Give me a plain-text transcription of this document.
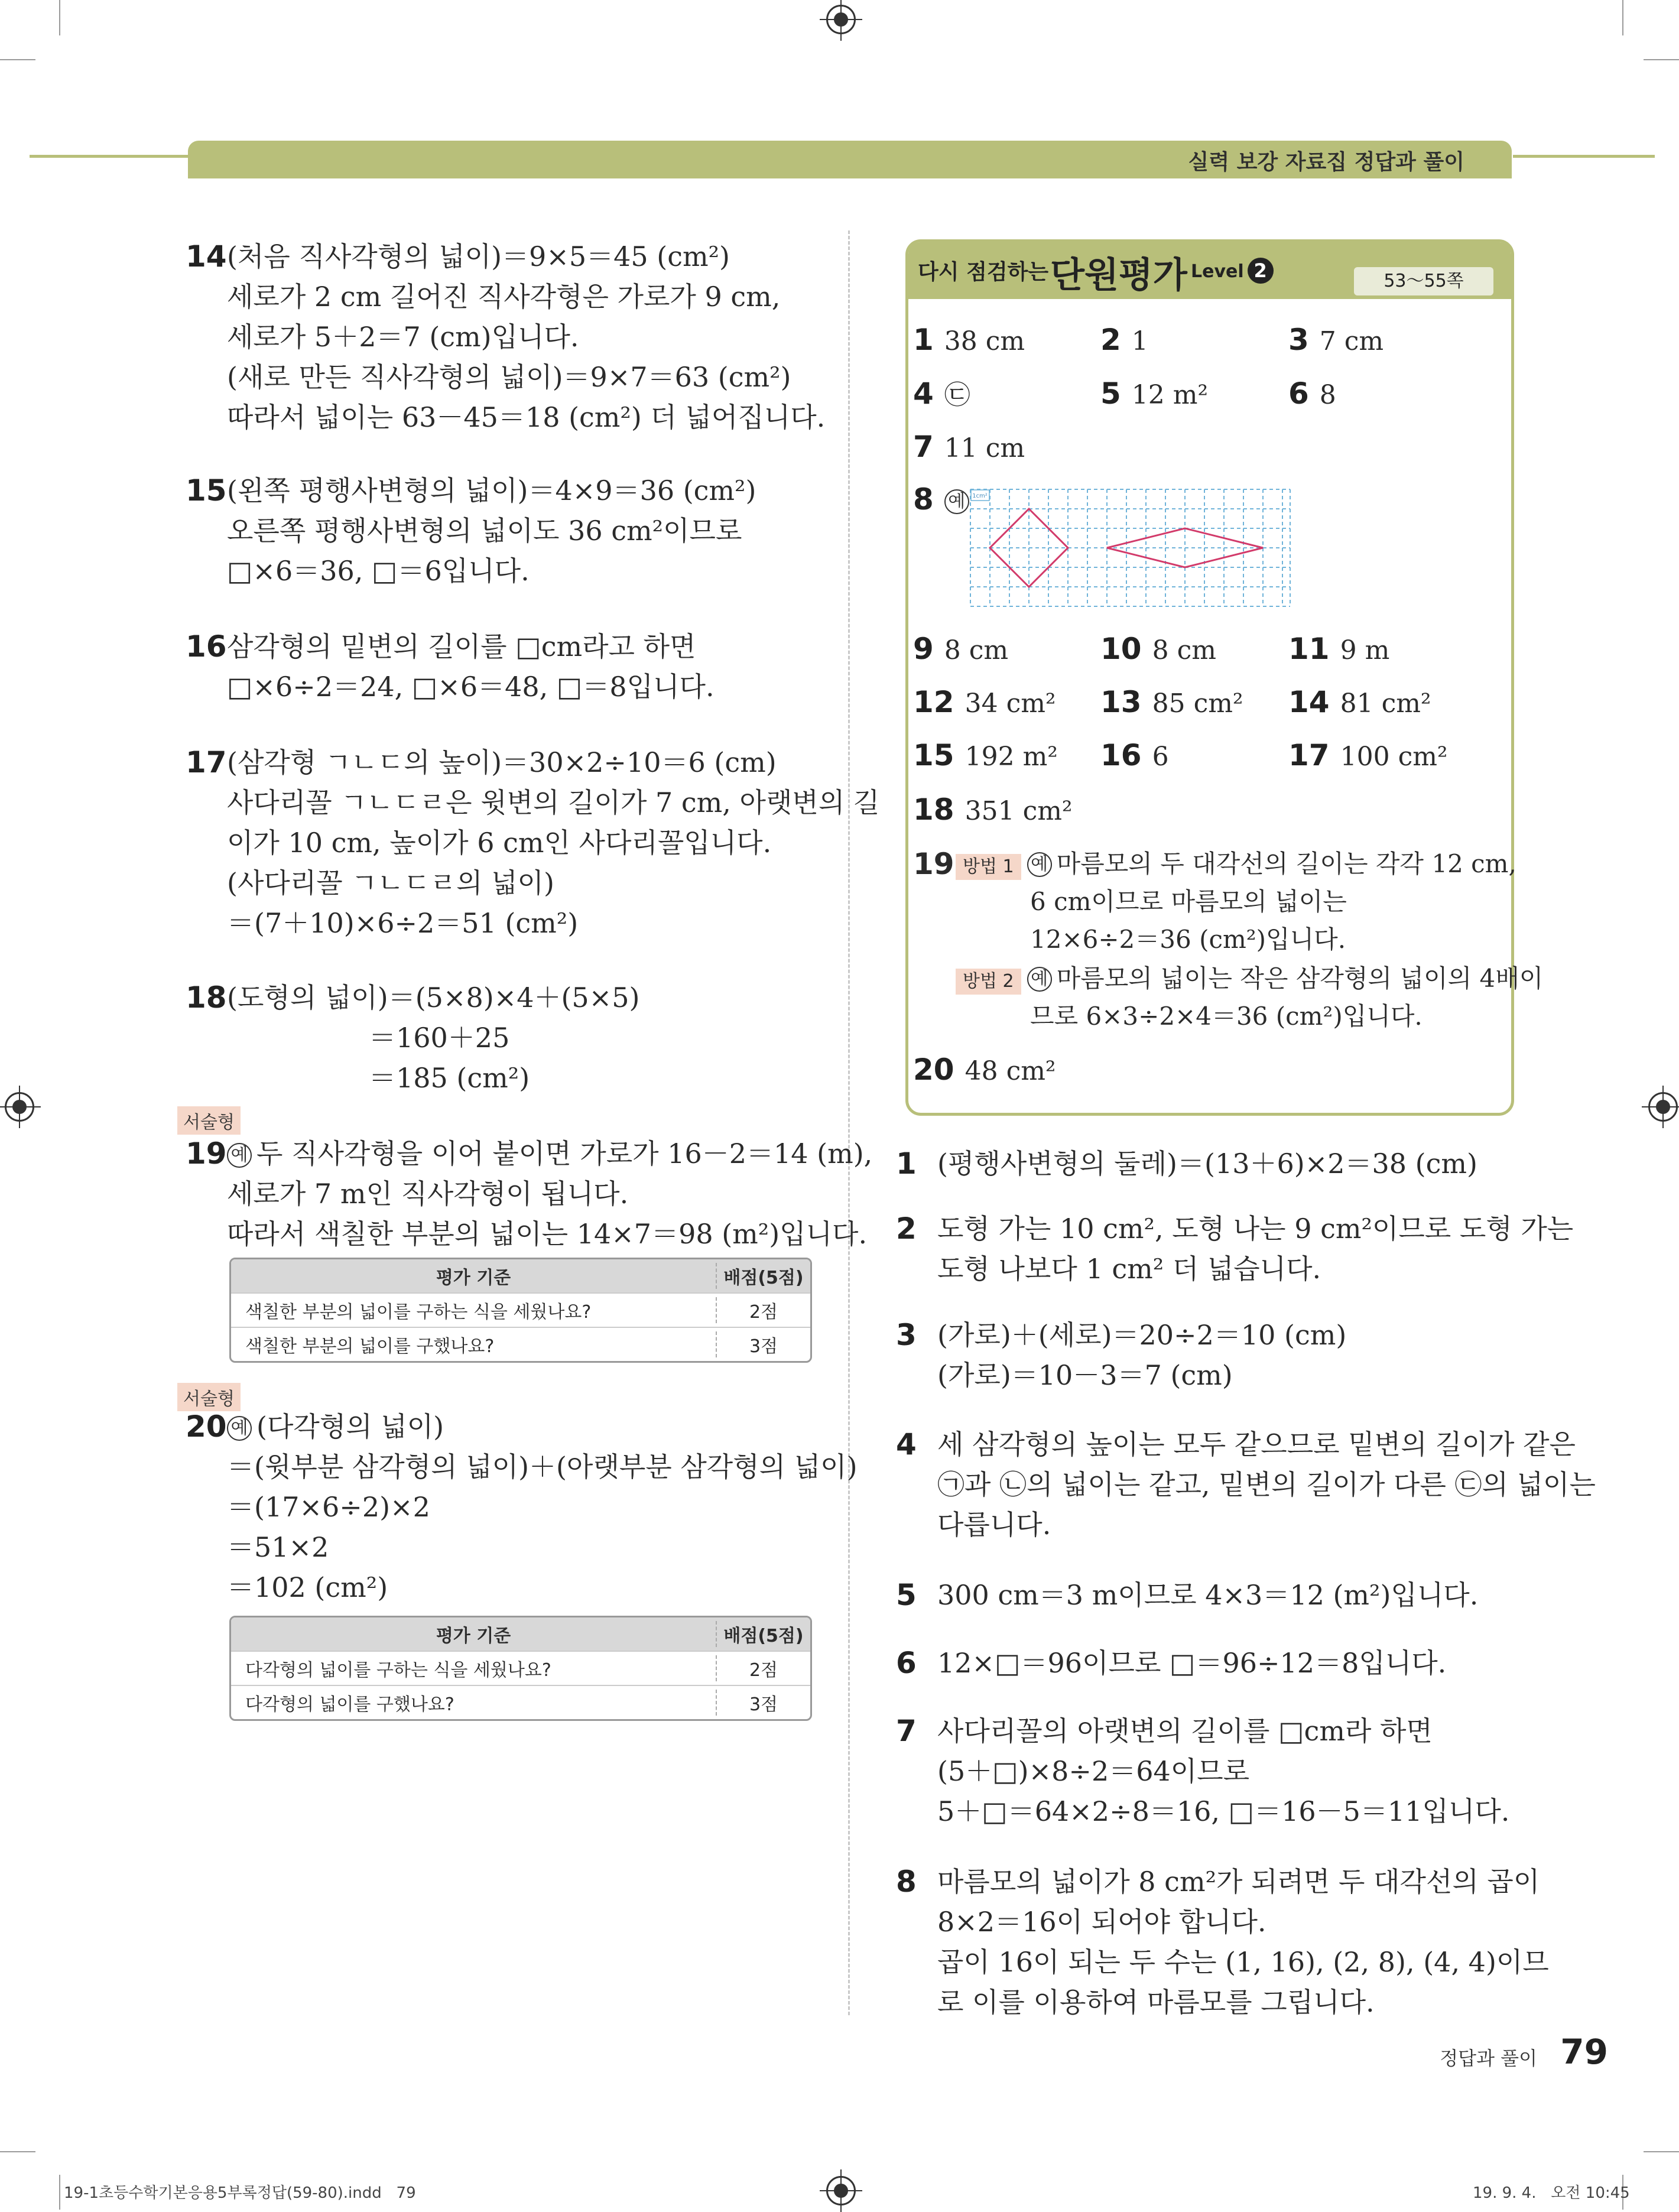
실력 보강 자료집 정답과 풀이
14 (처음 직사각형의 넓이)＝9×5＝45 (cm²)
세로가 2 cm 길어진 직사각형은 가로가 9 cm,
세로가 5＋2＝7 (cm)입니다.
(새로 만든 직사각형의 넓이)＝9×7＝63 (cm²)
따라서 넓이는 63－45＝18 (cm²) 더 넓어집니다.
15 (왼쪽 평행사변형의 넓이)＝4×9＝36 (cm²)
오른쪽 평행사변형의 넓이도 36 cm²이므로
□×6＝36, □＝6입니다.
16 삼각형의 밑변의 길이를 □cm라고 하면
□×6÷2＝24, □×6＝48, □＝8입니다.
17 (삼각형 ㄱㄴㄷ의 높이)＝30×2÷10＝6 (cm)
사다리꼴 ㄱㄴㄷㄹ은 윗변의 길이가 7 cm, 아랫변의 길
이가 10 cm, 높이가 6 cm인 사다리꼴입니다.
(사다리꼴 ㄱㄴㄷㄹ의 넓이)
＝(7＋10)×6÷2＝51 (cm²)
18 (도형의 넓이)＝(5×8)×4＋(5×5)
＝160＋25
＝185 (cm²)
서술형
19 예 두 직사각형을 이어 붙이면 가로가 16－2＝14 (m),
세로가 7 m인 직사각형이 됩니다.
따라서 색칠한 부분의 넓이는 14×7＝98 (m²)입니다.
평가 기준	배점(5점)
색칠한 부분의 넓이를 구하는 식을 세웠나요?	2점
색칠한 부분의 넓이를 구했나요?	3점
서술형
20 예 (다각형의 넓이)
＝(윗부분 삼각형의 넓이)＋(아랫부분 삼각형의 넓이)
＝(17×6÷2)×2
＝51×2
＝102 (cm²)
평가 기준	배점(5점)
다각형의 넓이를 구하는 식을 세웠나요?	2점
다각형의 넓이를 구했나요?	3점
다시 점검하는 단원평가 Level 2	53～55쪽
1 38 cm	2 1	3 7 cm
4 ㉢	5 12 m²	6 8
7 11 cm
8 예	1cm²
9 8 cm	10 8 cm 11 9 m
12 34 cm² 13 85 cm² 14 81 cm²
15 192 m² 16 6	17 100 cm²
18 351 cm²
19 방법 1 예 마름모의 두 대각선의 길이는 각각 12 cm,
6 cm이므로 마름모의 넓이는
12×6÷2＝36 (cm²)입니다.
방법 2 예 마름모의 넓이는 작은 삼각형의 넓이의 4배이
므로 6×3÷2×4＝36 (cm²)입니다.
20 48 cm²
1 (평행사변형의 둘레)＝(13＋6)×2＝38 (cm)
2 도형 가는 10 cm², 도형 나는 9 cm²이므로 도형 가는
도형 나보다 1 cm² 더 넓습니다.
3 (가로)＋(세로)＝20÷2＝10 (cm)
(가로)＝10－3＝7 (cm)
4 세 삼각형의 높이는 모두 같으므로 밑변의 길이가 같은
㉠과 ㉡의 넓이는 같고, 밑변의 길이가 다른 ㉢의 넓이는
다릅니다.
5 300 cm＝3 m이므로 4×3＝12 (m²)입니다.
6 12×□＝96이므로 □＝96÷12＝8입니다.
7 사다리꼴의 아랫변의 길이를 □cm라 하면
(5＋□)×8÷2＝64이므로
5＋□＝64×2÷8＝16, □＝16－5＝11입니다.
8 마름모의 넓이가 8 cm²가 되려면 두 대각선의 곱이
8×2＝16이 되어야 합니다.
곱이 16이 되는 두 수는 (1, 16), (2, 8), (4, 4)이므
로 이를 이용하여 마름모를 그립니다.
정답과 풀이 79
19-1초등수학기본응용5부록정답(59-80).indd   79	19. 9. 4.   오전 10:45
